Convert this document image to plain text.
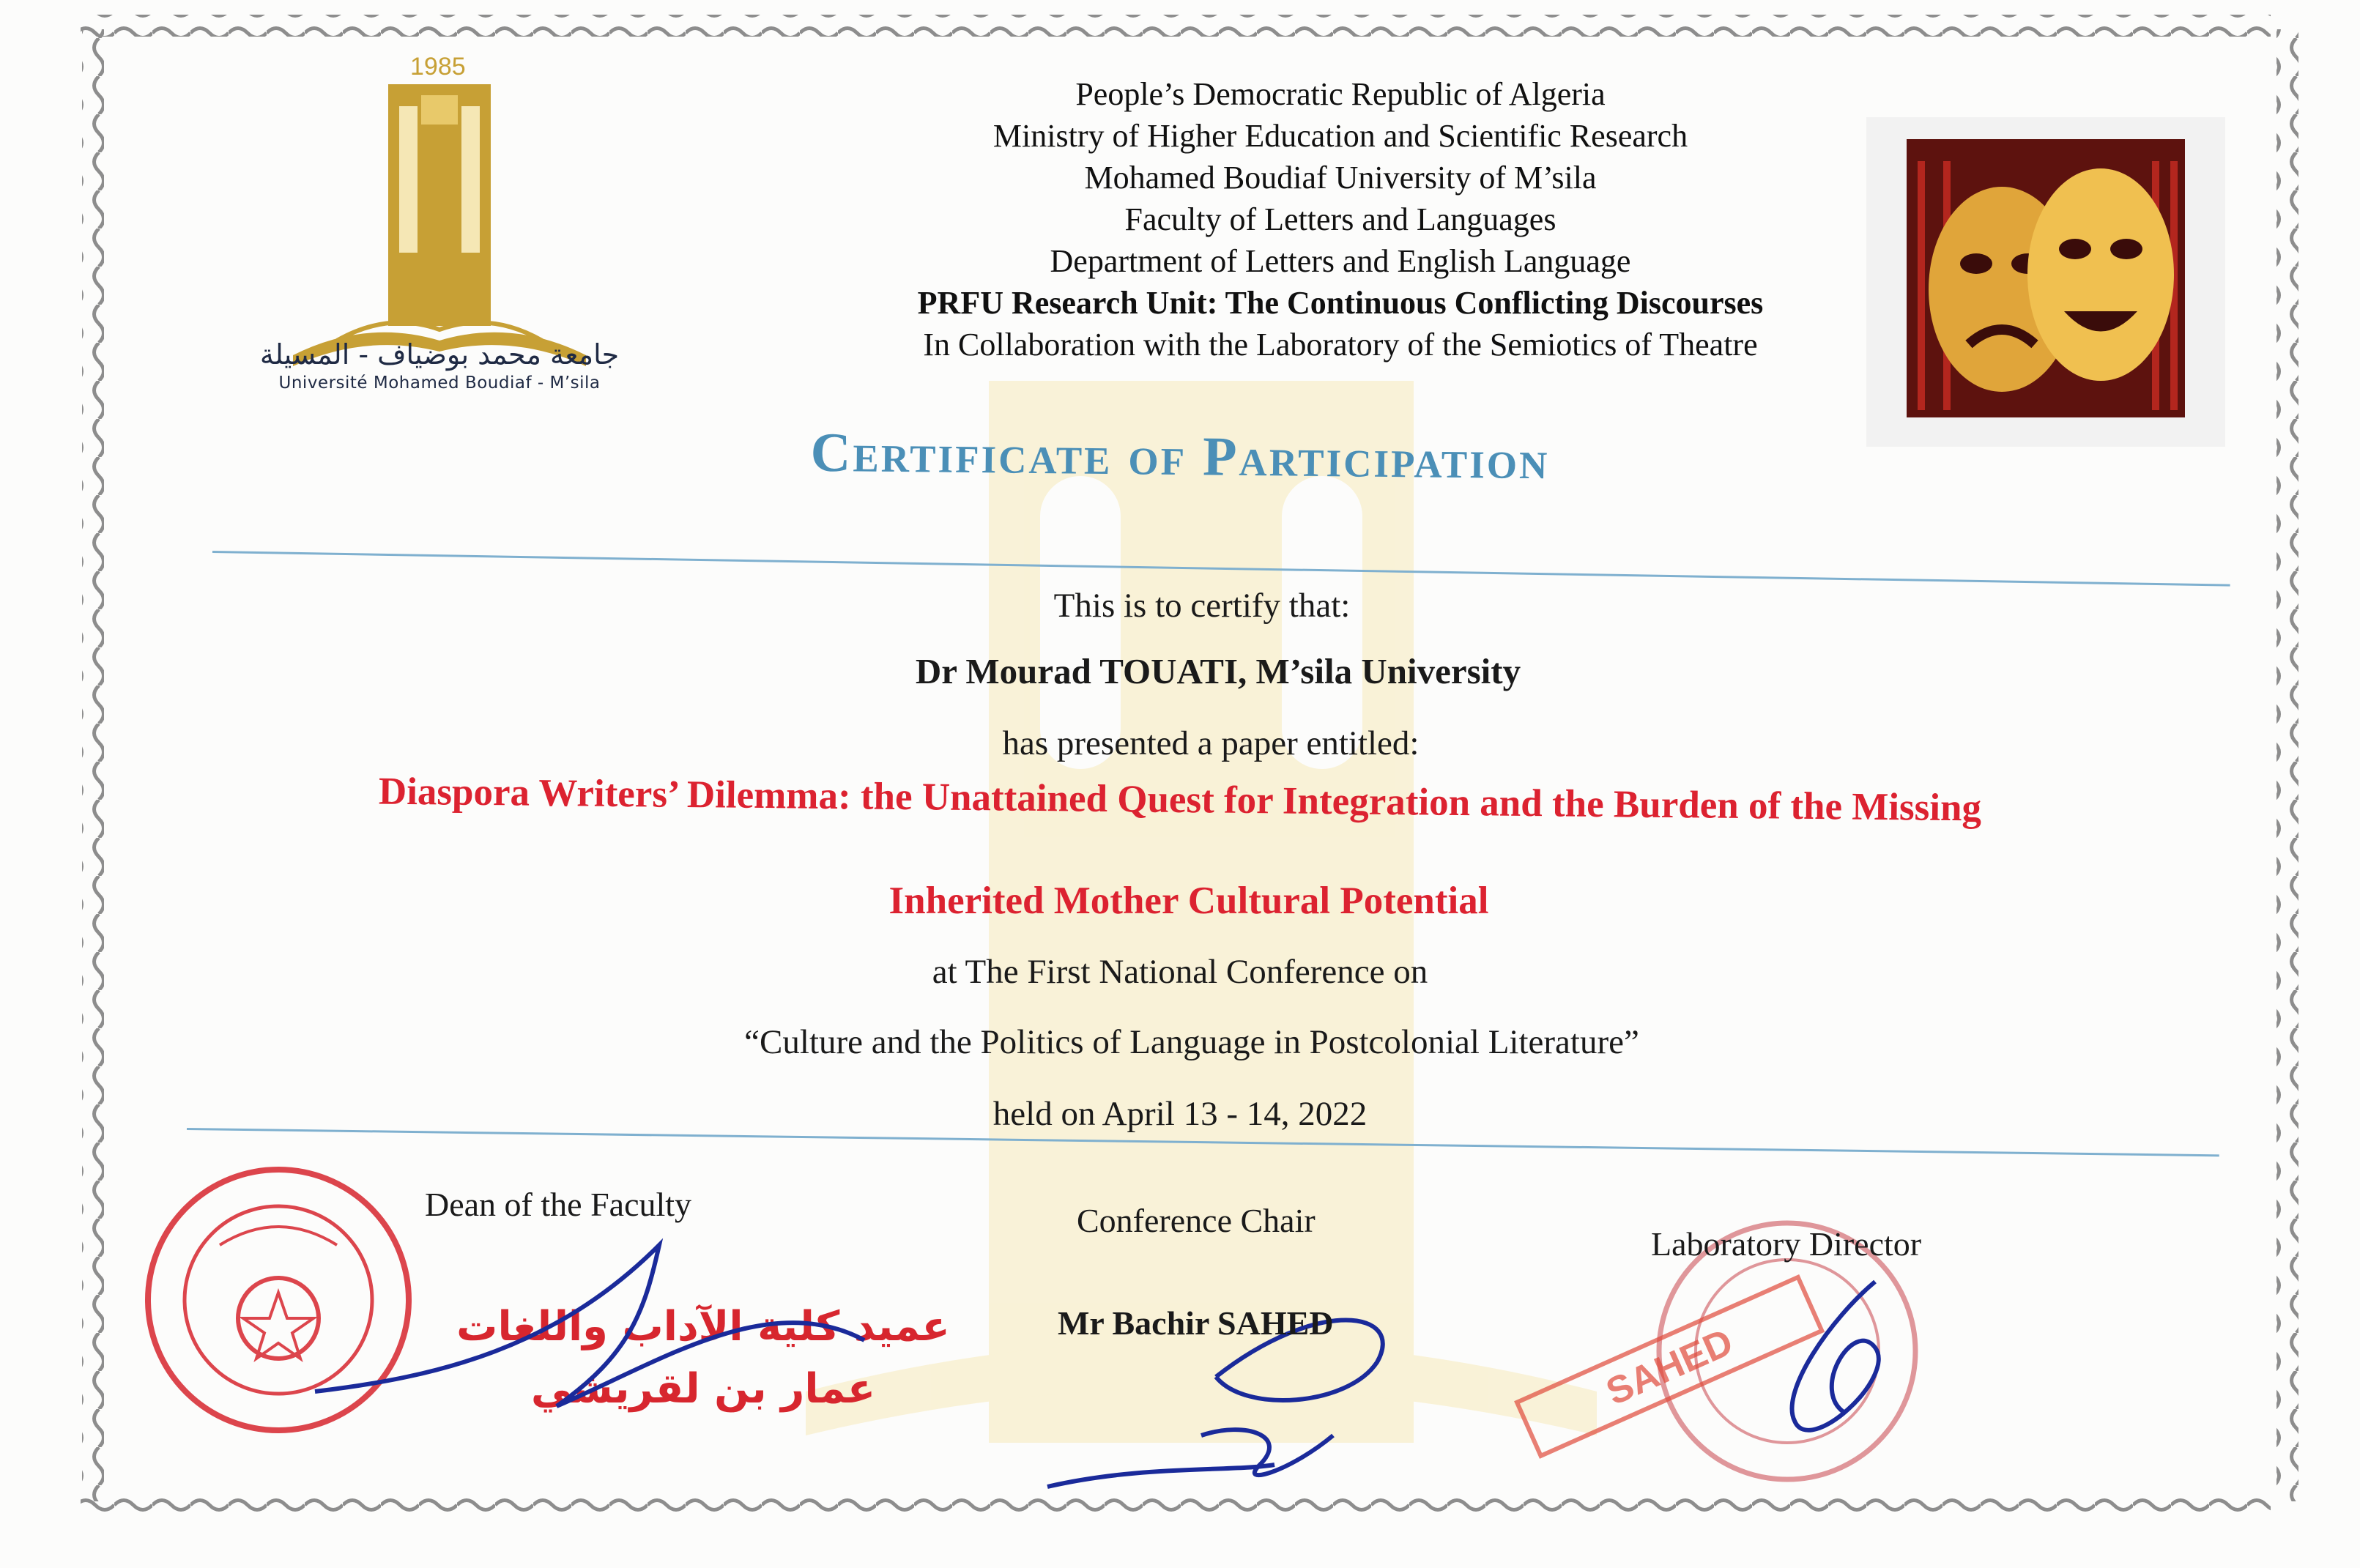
1985
جامعة محمد بوضياف - المسيلة
Université Mohamed Boudiaf - M’sila
People’s Democratic Republic of Algeria
Ministry of Higher Education and Scientific Research
Mohamed Boudiaf University of M’sila
Faculty of Letters and Languages
Department of Letters and English Language
PRFU Research Unit: The Continuous Conflicting Discourses
In Collaboration with the Laboratory of the Semiotics of Theatre
Certificate of Participation
This is to certify that:
Dr Mourad TOUATI, M’sila University
has presented a paper entitled:
Diaspora Writers’ Dilemma: the Unattained Quest for Integration and the Burden of the Missing
Inherited Mother Cultural Potential
at The First National Conference on
“Culture and the Politics of Language in Postcolonial Literature”
held on April 13 - 14, 2022
عميد كلية الآداب واللغات
عمار بن لقريشي	SAHED
Dean of the Faculty	Conference Chair
Mr Bachir SAHED
Laboratory Director
